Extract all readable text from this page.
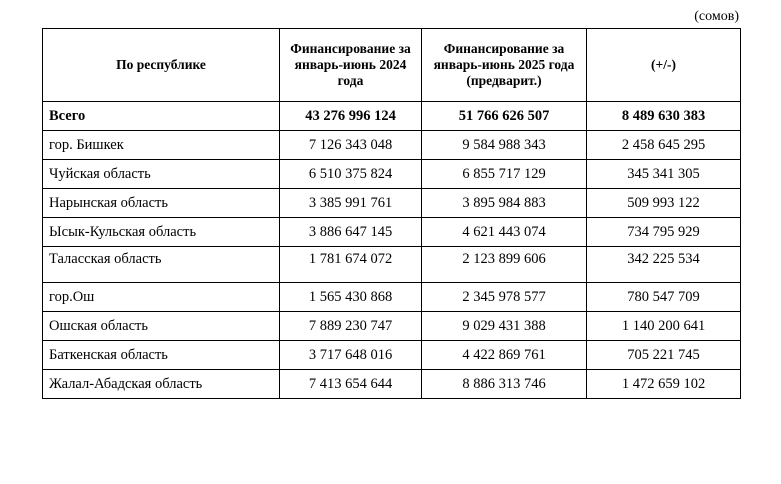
(сомов)
По республике	Финансирование за январь-июнь 2024 года	Финансирование за январь-июнь 2025 года (предварит.)	(+/-)
Всего	43 276 996 124	51 766 626 507	8 489 630 383
гор. Бишкек	7 126 343 048	9 584 988 343	2 458 645 295
Чуйская область	6 510 375 824	6 855 717 129	345 341 305
Нарынская область	3 385 991 761	3 895 984 883	509 993 122
Ысык-Кульская область	3 886 647 145	4 621 443 074	734 795 929
Таласская область	1 781 674 072	2 123 899 606	342 225 534
гор.Ош	1 565 430 868	2 345 978 577	780 547 709
Ошская область	7 889 230 747	9 029 431 388	1 140 200 641
Баткенская область	3 717 648 016	4 422 869 761	705 221 745
Жалал-Абадская область	7 413 654 644	8 886 313 746	1 472 659 102
